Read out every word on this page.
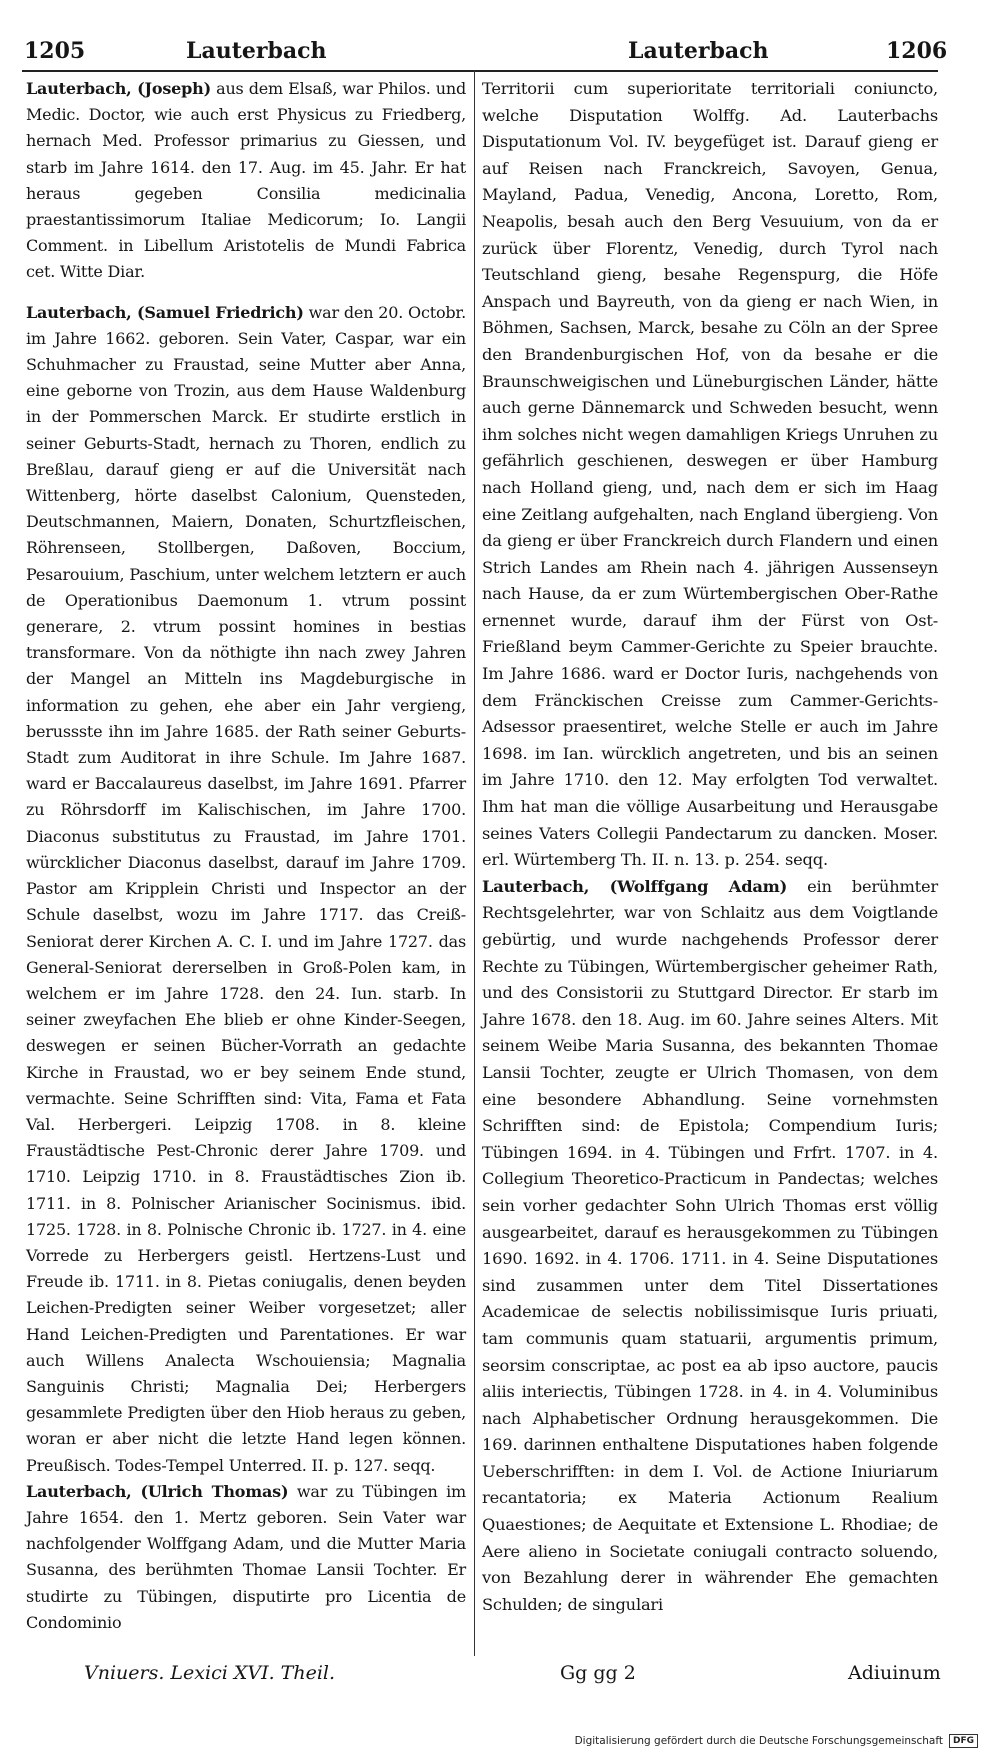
1205	Lauterbach	Lauterbach	1206

Lauterbach, (Joseph) aus dem Elsaß, war Philos. und Medic. Doctor, wie auch erst Physicus zu Friedberg, hernach Med. Professor primarius zu Giessen, und starb im Jahre 1614. den 17. Aug. im 45. Jahr. Er hat heraus gegeben Consilia medicinalia praestantissimorum Italiae Medicorum; Io. Langii Comment. in Libellum Aristotelis de Mundi Fabrica cet. Witte Diar.

Lauterbach, (Samuel Friedrich) war den 20. Octobr. im Jahre 1662. geboren. Sein Vater, Caspar, war ein Schuhmacher zu Fraustad, seine Mutter aber Anna, eine geborne von Trozin, aus dem Hause Waldenburg in der Pommerschen Marck. Er studirte erstlich in seiner Geburts-Stadt, hernach zu Thoren, endlich zu Breßlau, darauf gieng er auf die Universität nach Wittenberg, hörte daselbst Calonium, Quensteden, Deutschmannen, Maiern, Donaten, Schurtzfleischen, Röhrenseen, Stollbergen, Daßoven, Boccium, Pesarouium, Paschium, unter welchem letztern er auch de Operationibus Daemonum 1. vtrum possint generare, 2. vtrum possint homines in bestias transformare. Von da nöthigte ihn nach zwey Jahren der Mangel an Mitteln ins Magdeburgische in information zu gehen, ehe aber ein Jahr vergieng, berussste ihn im Jahre 1685. der Rath seiner Geburts-Stadt zum Auditorat in ihre Schule. Im Jahre 1687. ward er Baccalaureus daselbst, im Jahre 1691. Pfarrer zu Röhrsdorff im Kalischischen, im Jahre 1700. Diaconus substitutus zu Fraustad, im Jahre 1701. würcklicher Diaconus daselbst, darauf im Jahre 1709. Pastor am Kripplein Christi und Inspector an der Schule daselbst, wozu im Jahre 1717. das Creiß-Seniorat derer Kirchen A. C. I. und im Jahre 1727. das General-Seniorat dererselben in Groß-Polen kam, in welchem er im Jahre 1728. den 24. Iun. starb. In seiner zweyfachen Ehe blieb er ohne Kinder-Seegen, deswegen er seinen Bücher-Vorrath an gedachte Kirche in Fraustad, wo er bey seinem Ende stund, vermachte. Seine Schrifften sind: Vita, Fama et Fata Val. Herbergeri. Leipzig 1708. in 8. kleine Fraustädtische Pest-Chronic derer Jahre 1709. und 1710. Leipzig 1710. in 8. Fraustädtisches Zion ib. 1711. in 8. Polnischer Arianischer Socinismus. ibid. 1725. 1728. in 8. Polnische Chronic ib. 1727. in 4. eine Vorrede zu Herbergers geistl. Hertzens-Lust und Freude ib. 1711. in 8. Pietas coniugalis, denen beyden Leichen-Predigten seiner Weiber vorgesetzet; aller Hand Leichen-Predigten und Parentationes. Er war auch Willens Analecta Wschouiensia; Magnalia Sanguinis Christi; Magnalia Dei; Herbergers gesammlete Predigten über den Hiob heraus zu geben, woran er aber nicht die letzte Hand legen können. Preußisch. Todes-Tempel Unterred. II. p. 127. seqq.

Lauterbach, (Ulrich Thomas) war zu Tübingen im Jahre 1654. den 1. Mertz geboren. Sein Vater war nachfolgender Wolffgang Adam, und die Mutter Maria Susanna, des berühmten Thomae Lansii Tochter. Er studirte zu Tübingen, disputirte pro Licentia de Condominio

Territorii cum superioritate territoriali coniuncto, welche Disputation Wolffg. Ad. Lauterbachs Disputationum Vol. IV. beygefüget ist. Darauf gieng er auf Reisen nach Franckreich, Savoyen, Genua, Mayland, Padua, Venedig, Ancona, Loretto, Rom, Neapolis, besah auch den Berg Vesuuium, von da er zurück über Florentz, Venedig, durch Tyrol nach Teutschland gieng, besahe Regenspurg, die Höfe Anspach und Bayreuth, von da gieng er nach Wien, in Böhmen, Sachsen, Marck, besahe zu Cöln an der Spree den Brandenburgischen Hof, von da besahe er die Braunschweigischen und Lüneburgischen Länder, hätte auch gerne Dännemarck und Schweden besucht, wenn ihm solches nicht wegen damahligen Kriegs Unruhen zu gefährlich geschienen, deswegen er über Hamburg nach Holland gieng, und, nach dem er sich im Haag eine Zeitlang aufgehalten, nach England übergieng. Von da gieng er über Franckreich durch Flandern und einen Strich Landes am Rhein nach 4. jährigen Aussenseyn nach Hause, da er zum Würtembergischen Ober-Rathe ernennet wurde, darauf ihm der Fürst von Ost-Frießland beym Cammer-Gerichte zu Speier brauchte. Im Jahre 1686. ward er Doctor Iuris, nachgehends von dem Fränckischen Creisse zum Cammer-Gerichts-Adsessor praesentiret, welche Stelle er auch im Jahre 1698. im Ian. würcklich angetreten, und bis an seinen im Jahre 1710. den 12. May erfolgten Tod verwaltet. Ihm hat man die völlige Ausarbeitung und Herausgabe seines Vaters Collegii Pandectarum zu dancken. Moser. erl. Würtemberg Th. II. n. 13. p. 254. seqq.

Lauterbach, (Wolffgang Adam) ein berühmter Rechtsgelehrter, war von Schlaitz aus dem Voigtlande gebürtig, und wurde nachgehends Professor derer Rechte zu Tübingen, Würtembergischer geheimer Rath, und des Consistorii zu Stuttgard Director. Er starb im Jahre 1678. den 18. Aug. im 60. Jahre seines Alters. Mit seinem Weibe Maria Susanna, des bekannten Thomae Lansii Tochter, zeugte er Ulrich Thomasen, von dem eine besondere Abhandlung. Seine vornehmsten Schrifften sind: de Epistola; Compendium Iuris; Tübingen 1694. in 4. Tübingen und Frfrt. 1707. in 4. Collegium Theoretico-Practicum in Pandectas; welches sein vorher gedachter Sohn Ulrich Thomas erst völlig ausgearbeitet, darauf es herausgekommen zu Tübingen 1690. 1692. in 4. 1706. 1711. in 4. Seine Disputationes sind zusammen unter dem Titel Dissertationes Academicae de selectis nobilissimisque Iuris priuati, tam communis quam statuarii, argumentis primum, seorsim conscriptae, ac post ea ab ipso auctore, paucis aliis interiectis, Tübingen 1728. in 4. in 4. Voluminibus nach Alphabetischer Ordnung herausgekommen. Die 169. darinnen enthaltene Disputationes haben folgende Ueberschrifften: in dem I. Vol. de Actione Iniuriarum recantatoria; ex Materia Actionum Realium Quaestiones; de Aequitate et Extensione L. Rhodiae; de Aere alieno in Societate coniugali contracto soluendo, von Bezahlung derer in währender Ehe gemachten Schulden; de singulari

Vniuers. Lexici XVI. Theil.	Gg gg 2	Adiuinum
Digitalisierung gefördert durch die Deutsche Forschungsgemeinschaft	DFG
